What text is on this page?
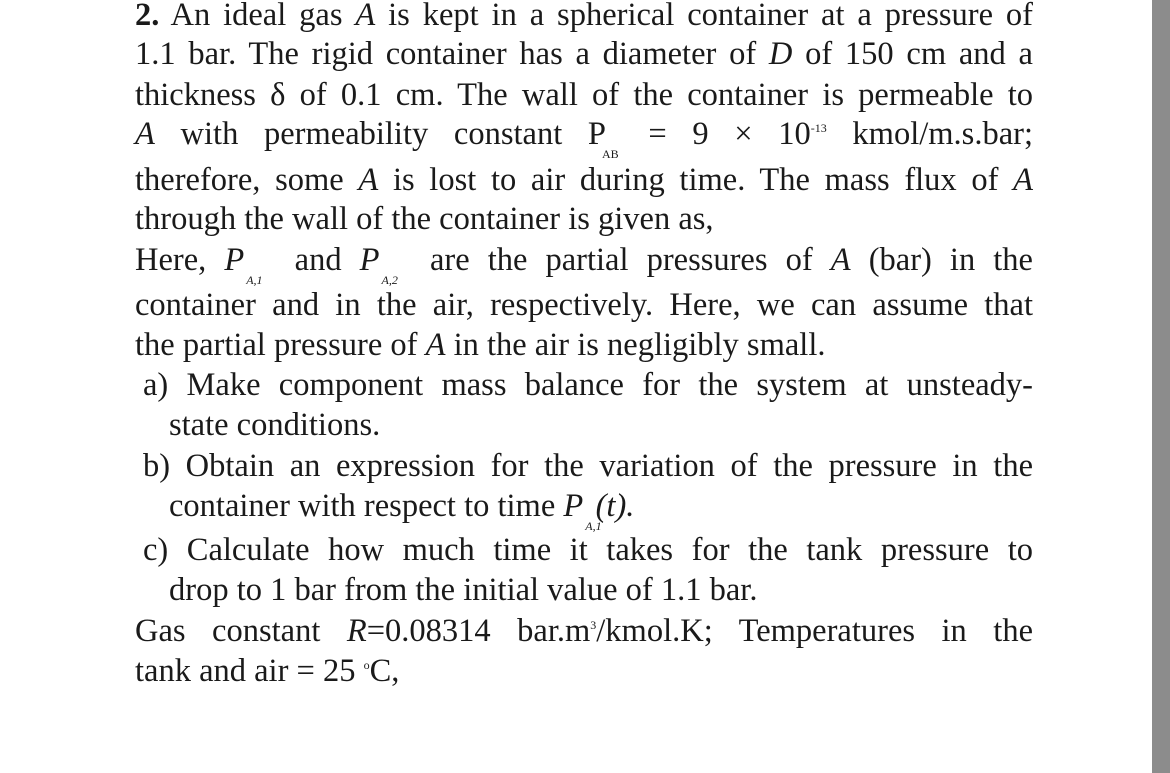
2. An ideal gas A is kept in a spherical container at a pressure of
1.1 bar. The rigid container has a diameter of D of 150 cm and a
thickness δ of 0.1 cm. The wall of the container is permeable to
A with permeability constant $P_{AB} = 9 \times 10^{-13}$ kmol/m.s.bar;
therefore, some A is lost to air during time. The mass flux of A
through the wall of the container is given as,
Here, $P_{A,1}$ and $P_{A,2}$ are the partial pressures of A (bar) in the
container and in the air, respectively. Here, we can assume that
the partial pressure of A in the air is negligibly small.
a) Make component mass balance for the system at unsteady-
state conditions.
b) Obtain an expression for the variation of the pressure in the
container with respect to time $P_{A,1}(t)$.
c) Calculate how much time it takes for the tank pressure to
drop to 1 bar from the initial value of 1.1 bar.
Gas constant R=0.08314 $bar.m^3/kmol.K$; Temperatures in the
tank and air = 25 $^o$C,
